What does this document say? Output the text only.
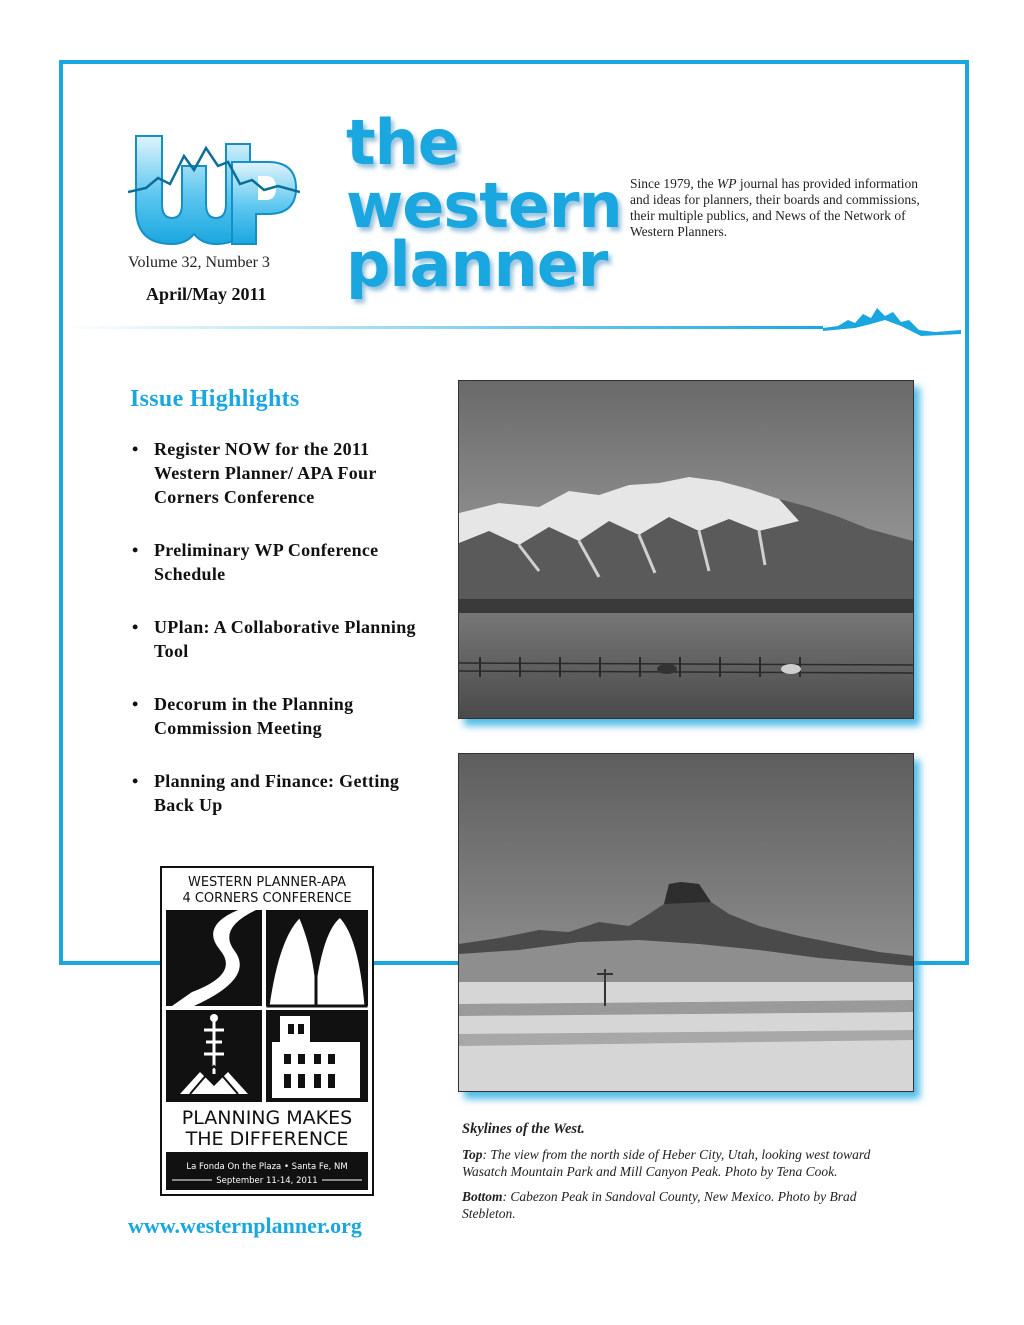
Volume 32, Number 3
April/May 2011
the
western
planner
Since 1979, the WP journal has provided information and ideas for planners, their boards and commissions, their multiple publics, and News of the Network of Western Planners.
Issue Highlights
• Register NOW for the 2011 Western Planner/ APA Four Corners Conference
• Preliminary WP Conference Schedule
• UPlan: A Collaborative Planning Tool
• Decorum in the Planning Commission Meeting
• Planning and Finance: Getting Back Up
WESTERN PLANNER-APA
4 CORNERS CONFERENCE
PLANNING MAKES
THE DIFFERENCE
La Fonda On the Plaza • Santa Fe, NM
September 11-14, 2011
www.westernplanner.org
Skylines of the West.

Top: The view from the north side of Heber City, Utah, looking west toward Wasatch Mountain Park and Mill Canyon Peak. Photo by Tena Cook.

Bottom: Cabezon Peak in Sandoval County, New Mexico. Photo by Brad Stebleton.
